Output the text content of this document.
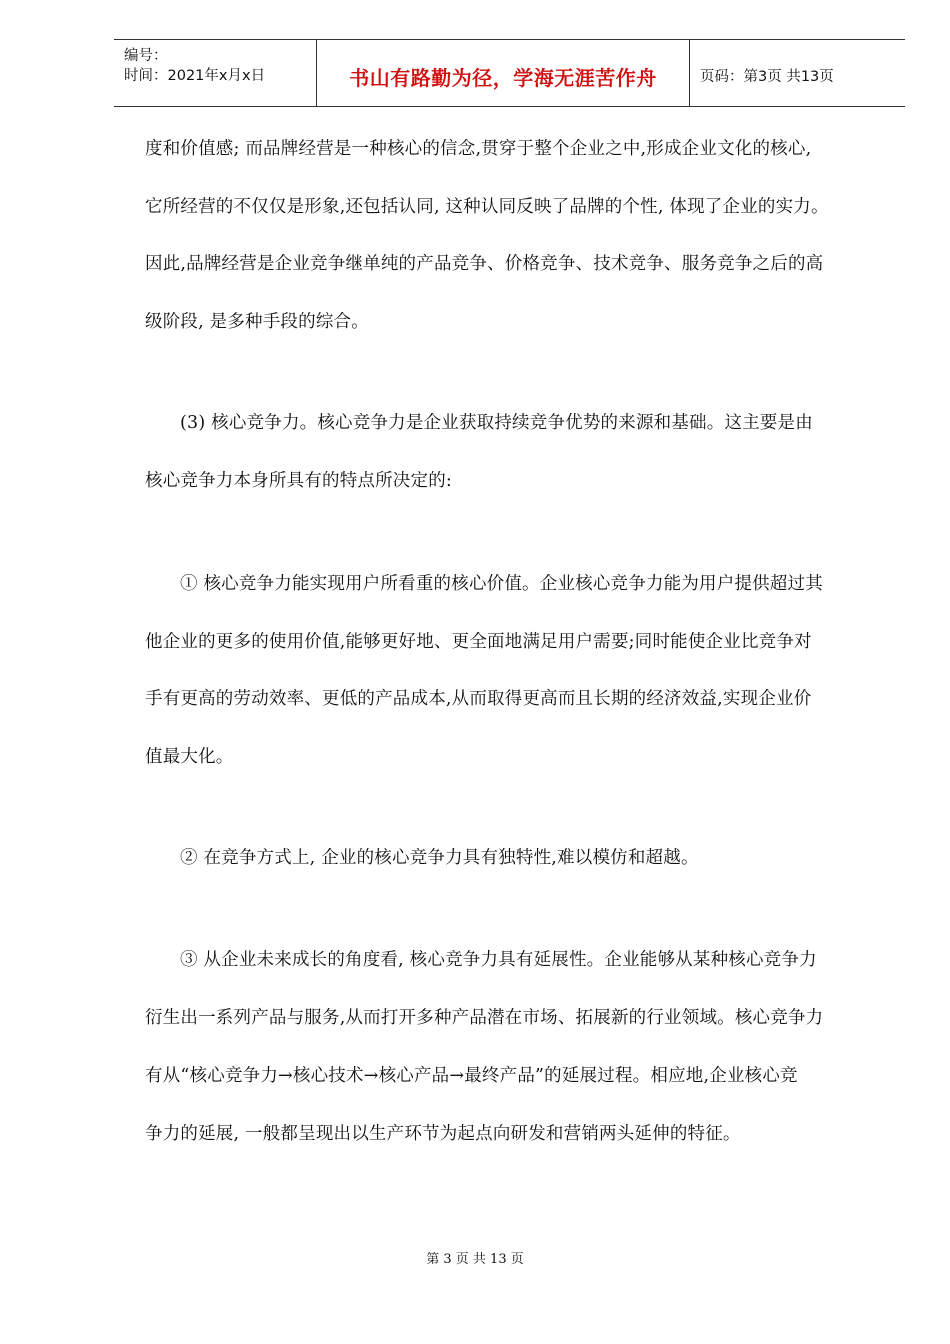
编号：
时间：2021年x月x日	书山有路勤为径，学海无涯苦作舟	页码：第3页 共13页
度和价值感; 而品牌经营是一种核心的信念,贯穿于整个企业之中,形成企业文化的核心,
它所经营的不仅仅是形象,还包括认同, 这种认同反映了品牌的个性, 体现了企业的实力。
因此,品牌经营是企业竞争继单纯的产品竞争、价格竞争、技术竞争、服务竞争之后的高
级阶段, 是多种手段的综合。
(3) 核心竞争力。核心竞争力是企业获取持续竞争优势的来源和基础。这主要是由
核心竞争力本身所具有的特点所决定的:
① 核心竞争力能实现用户所看重的核心价值。企业核心竞争力能为用户提供超过其
他企业的更多的使用价值,能够更好地、更全面地满足用户需要;同时能使企业比竞争对
手有更高的劳动效率、更低的产品成本,从而取得更高而且长期的经济效益,实现企业价
值最大化。
② 在竞争方式上, 企业的核心竞争力具有独特性,难以模仿和超越。
③ 从企业未来成长的角度看, 核心竞争力具有延展性。企业能够从某种核心竞争力
衍生出一系列产品与服务,从而打开多种产品潜在市场、拓展新的行业领域。核心竞争力
有从“核心竞争力→核心技术→核心产品→最终产品”的延展过程。相应地,企业核心竞
争力的延展, 一般都呈现出以生产环节为起点向研发和营销两头延伸的特征。
第 3 页 共 13 页
